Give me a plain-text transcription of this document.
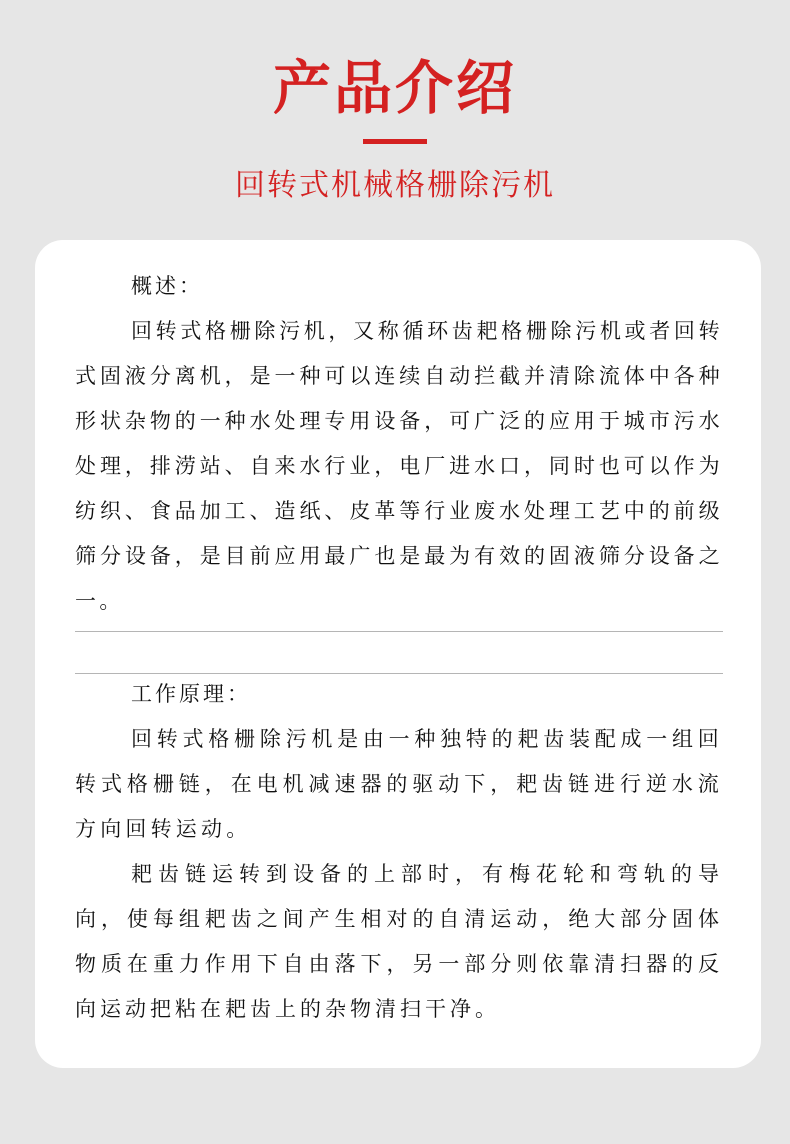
产品介绍
回转式机械格栅除污机
概述：

回转式格栅除污机，又称循环齿耙格栅除污机或者回转式固液分离机，是一种可以连续自动拦截并清除流体中各种形状杂物的一种水处理专用设备，可广泛的应用于城市污水处理，排涝站、自来水行业，电厂进水口，同时也可以作为纺织、食品加工、造纸、皮革等行业废水处理工艺中的前级筛分设备，是目前应用最广也是最为有效的固液筛分设备之一。

工作原理：

回转式格栅除污机是由一种独特的耙齿装配成一组回转式格栅链，在电机减速器的驱动下，耙齿链进行逆水流方向回转运动。

耙齿链运转到设备的上部时，有梅花轮和弯轨的导向，使每组耙齿之间产生相对的自清运动，绝大部分固体物质在重力作用下自由落下，另一部分则依靠清扫器的反向运动把粘在耙齿上的杂物清扫干净。
